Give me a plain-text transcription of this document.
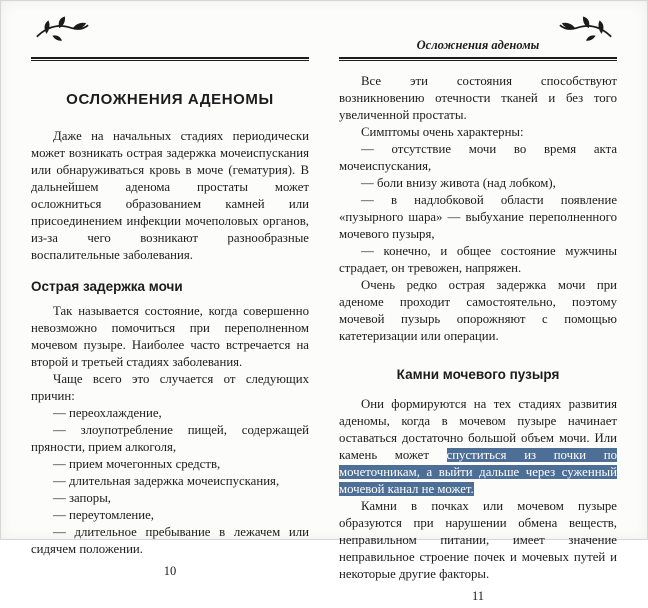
ОСЛОЖНЕНИЯ АДЕНОМЫ

Даже на начальных стадиях периодически может возникать острая задержка мочеиспускания или обнаруживаться кровь в моче (гематурия). В дальнейшем аденома простаты может осложниться образованием камней или присоединением инфекции мочеполовых органов, из-за чего возникают разнообразные воспалительные заболевания.

Острая задержка мочи

Так называется состояние, когда совершенно невозможно помочиться при переполненном мочевом пузыре. Наиболее часто встречается на второй и третьей стадиях заболевания.

Чаще всего это случается от следующих причин:

— переохлаждение,

— злоупотребление пищей, содержащей пряности, прием алкоголя,

— прием мочегонных средств,

— длительная задержка мочеиспускания,

— запоры,

— переутомление,

— длительное пребывание в лежачем или сидячем положении.

10
Осложнения аденомы

Все эти состояния способствуют возникновению отечности тканей и без того увеличенной простаты.

Симптомы очень характерны:

— отсутствие мочи во время акта мочеиспускания,

— боли внизу живота (над лобком),

— в надлобковой области появление «пузырного шара» — выбухание переполненного мочевого пузыря,

— конечно, и общее состояние мужчины страдает, он тревожен, напряжен.

Очень редко острая задержка мочи при аденоме проходит самостоятельно, поэтому мочевой пузырь опорожняют с помощью катетеризации или операции.

Камни мочевого пузыря

Они формируются на тех стадиях развития аденомы, когда в мочевом пузыре начинает оставаться достаточно большой объем мочи. Или камень может спуститься из почки по мочеточникам, а выйти дальше через суженный мочевой канал не может.

Камни в почках или мочевом пузыре образуются при нарушении обмена веществ, неправильном питании, имеет значение неправильное строение почек и мочевых путей и некоторые другие факторы.

11
